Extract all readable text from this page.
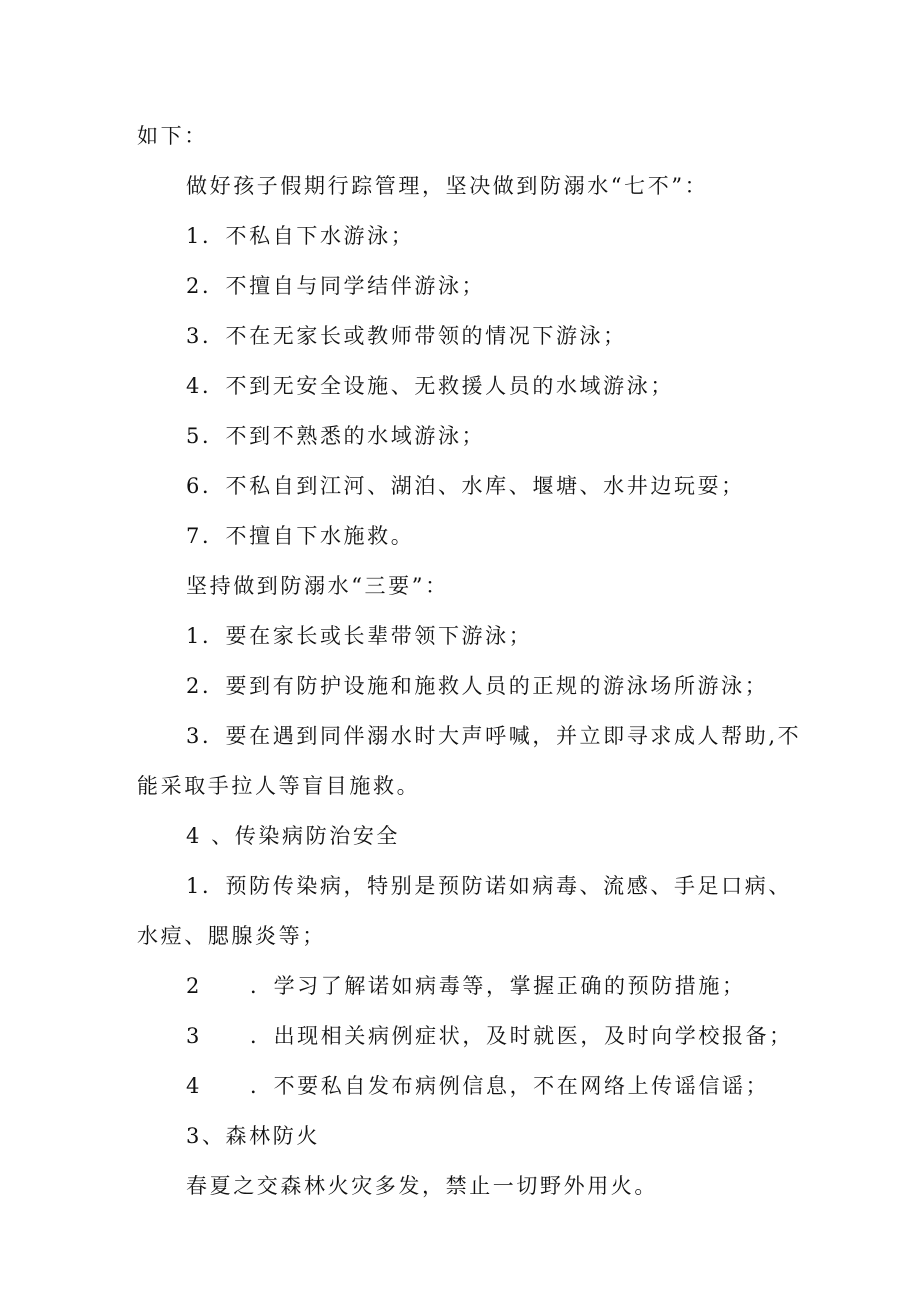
如下：
做好孩子假期行踪管理，坚决做到防溺水“七不”：
1．不私自下水游泳；
2．不擅自与同学结伴游泳；
3．不在无家长或教师带领的情况下游泳；
4．不到无安全设施、无救援人员的水域游泳；
5．不到不熟悉的水域游泳；
6．不私自到江河、湖泊、水库、堰塘、水井边玩耍；
7．不擅自下水施救。
坚持做到防溺水“三要”：
1．要在家长或长辈带领下游泳；
2．要到有防护设施和施救人员的正规的游泳场所游泳；
3．要在遇到同伴溺水时大声呼喊，并立即寻求成人帮助,不
能采取手拉人等盲目施救。
4 、传染病防治安全
1．预防传染病，特别是预防诺如病毒、流感、手足口病、
水痘、腮腺炎等；
2 ．学习了解诺如病毒等，掌握正确的预防措施；
3 ．出现相关病例症状，及时就医，及时向学校报备；
4 ．不要私自发布病例信息，不在网络上传谣信谣；
3、森林防火
春夏之交森林火灾多发，禁止一切野外用火。
